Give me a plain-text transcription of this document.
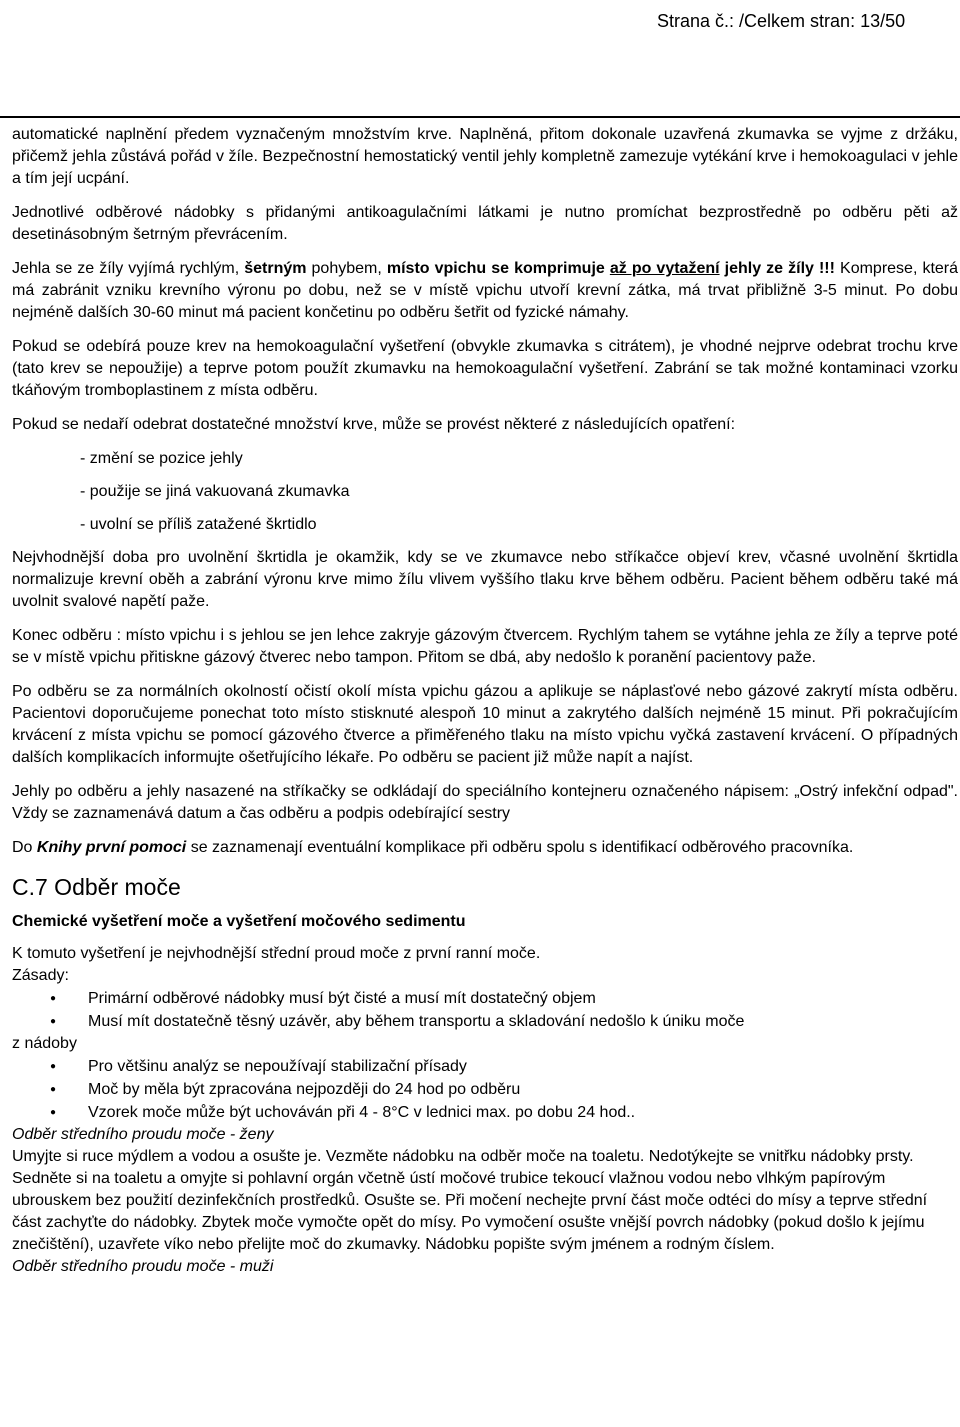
P-P Klinika Kladno, spol. s r.o.
Huťská 211
272 80 Kladno
LP - Laboratorní příručka
Strana č.: /Celkem stran: 13/50
Změna č.:
Datum změny:
Nahrazuje stranu č.:

automatické naplnění předem vyznačeným množstvím krve. Naplněná, přitom dokonale uzavřená zkumavka se vyjme z držáku, přičemž jehla zůstává pořád v žíle. Bezpečnostní hemostatický ventil jehly kompletně zamezuje vytékání krve i hemokoagulaci v jehle a tím její ucpání.

Jednotlivé odběrové nádobky s přidanými antikoagulačními látkami je nutno promíchat bezprostředně po odběru pěti až desetinásobným šetrným převrácením.

Jehla se ze žíly vyjímá rychlým, šetrným pohybem, místo vpichu se komprimuje až po vytažení jehly ze žíly !!! Komprese, která má zabránit vzniku krevního výronu po dobu, než se v místě vpichu utvoří krevní zátka, má trvat přibližně 3-5 minut. Po dobu nejméně dalších 30-60 minut má pacient končetinu po odběru šetřit od fyzické námahy.

Pokud se odebírá pouze krev na hemokoagulační vyšetření (obvykle zkumavka s citrátem), je vhodné nejprve odebrat trochu krve (tato krev se nepoužije) a teprve potom použít zkumavku na hemokoagulační vyšetření. Zabrání se tak možné kontaminaci vzorku tkáňovým tromboplastinem z místa odběru.

Pokud se nedaří odebrat dostatečné množství krve, může se provést některé z následujících opatření:

- změní se pozice jehly
- použije se jiná vakuovaná zkumavka
- uvolní se příliš zatažené škrtidlo

Nejvhodnější doba pro uvolnění škrtidla je okamžik, kdy se ve zkumavce nebo stříkačce objeví krev, včasné uvolnění škrtidla normalizuje krevní oběh a zabrání výronu krve mimo žílu vlivem vyššího tlaku krve během odběru. Pacient během odběru také má uvolnit svalové napětí paže.

Konec odběru : místo vpichu i s jehlou se jen lehce zakryje gázovým čtvercem. Rychlým tahem se vytáhne jehla ze žíly a teprve poté se v místě vpichu přitiskne gázový čtverec nebo tampon. Přitom se dbá, aby nedošlo k poranění pacientovy paže.

Po odběru se za normálních okolností očistí okolí místa vpichu gázou a aplikuje se náplasťové nebo gázové zakrytí místa odběru. Pacientovi doporučujeme ponechat toto místo stisknuté alespoň 10 minut a zakrytého dalších nejméně 15 minut. Při pokračujícím krvácení z místa vpichu se pomocí gázového čtverce a přiměřeného tlaku na místo vpichu vyčká zastavení krvácení. O případných dalších komplikacích informujte ošetřujícího lékaře. Po odběru se pacient již může napít a najíst.

Jehly po odběru a jehly nasazené na stříkačky se odkládají do speciálního kontejneru označeného nápisem: „Ostrý infekční odpad". Vždy se zaznamenává datum a čas odběru a podpis odebírající sestry

Do Knihy první pomoci se zaznamenají eventuální komplikace při odběru spolu s identifikací odběrového pracovníka.

C.7 Odběr moče
Chemické vyšetření moče a vyšetření močového sedimentu

K tomuto vyšetření je nejvhodnější střední proud moče z první ranní moče.

Zásady:

● Primární odběrové nádobky musí být čisté a musí mít dostatečný objem
● Musí mít dostatečně těsný uzávěr, aby během transportu a skladování nedošlo k úniku moče

z nádoby

● Pro většinu analýz se nepoužívají stabilizační přísady
● Moč by měla být zpracována nejpozději do 24 hod po odběru
● Vzorek moče může být uchováván při 4 - 8°C v lednici max. po dobu 24 hod..

Odběr středního proudu moče - ženy

Umyjte si ruce mýdlem a vodou a osušte je. Vezměte nádobku na odběr moče na toaletu. Nedotýkejte se vnitřku nádobky prsty. Sedněte si na toaletu a omyjte si pohlavní orgán včetně ústí močové trubice tekoucí vlažnou vodou nebo vlhkým papírovým ubrouskem bez použití dezinfekčních prostředků. Osušte se. Při močení nechejte první část moče odtéci do mísy a teprve střední část zachyťte do nádobky. Zbytek moče vymočte opět do mísy. Po vymočení osušte vnější povrch nádobky (pokud došlo k jejímu znečištění), uzavřete víko nebo přelijte moč do zkumavky. Nádobku popište svým jménem a rodným číslem.

Odběr středního proudu moče - muži
